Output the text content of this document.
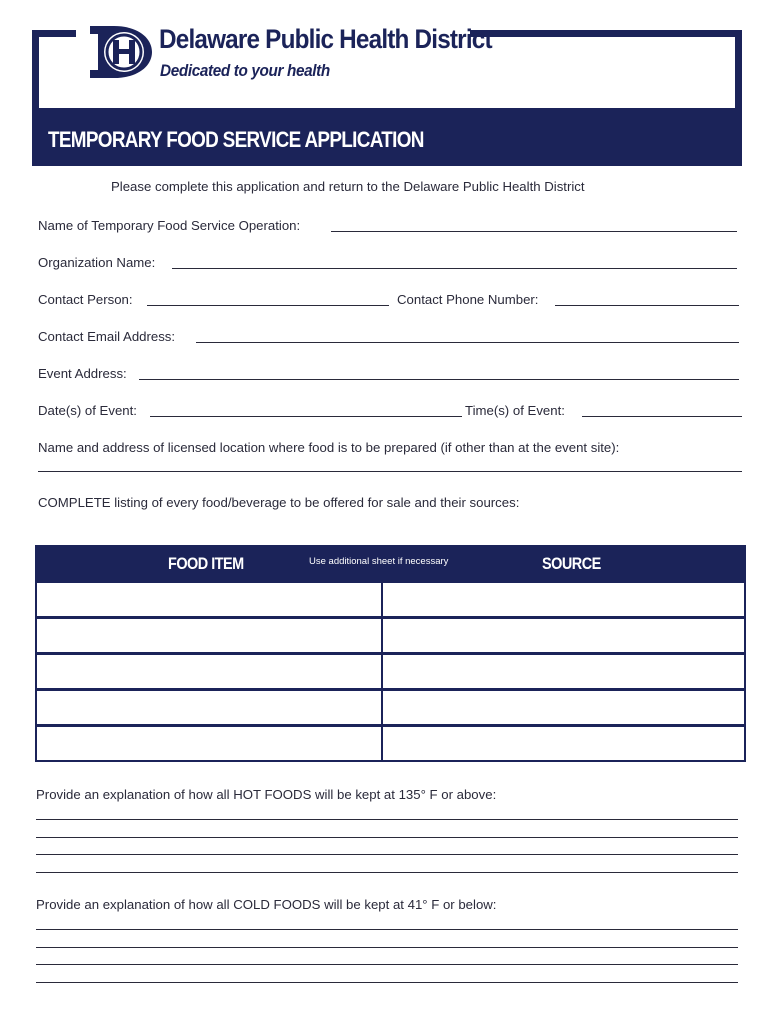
Delaware Public Health District
Dedicated to your health
TEMPORARY FOOD SERVICE APPLICATION
Please complete this application and return to the Delaware Public Health District
Name of Temporary Food Service Operation:
Organization Name:
Contact Person:	Contact Phone Number:
Contact Email Address:
Event Address:
Date(s) of Event:	Time(s) of Event:
Name and address of licensed location where food is to be prepared (if other than at the event site):
COMPLETE listing of every food/beverage to be offered for sale and their sources:
FOOD ITEM	Use additional sheet if necessary	SOURCE
Provide an explanation of how all HOT FOODS will be kept at 135° F or above:
Provide an explanation of how all COLD FOODS will be kept at 41° F or below:
